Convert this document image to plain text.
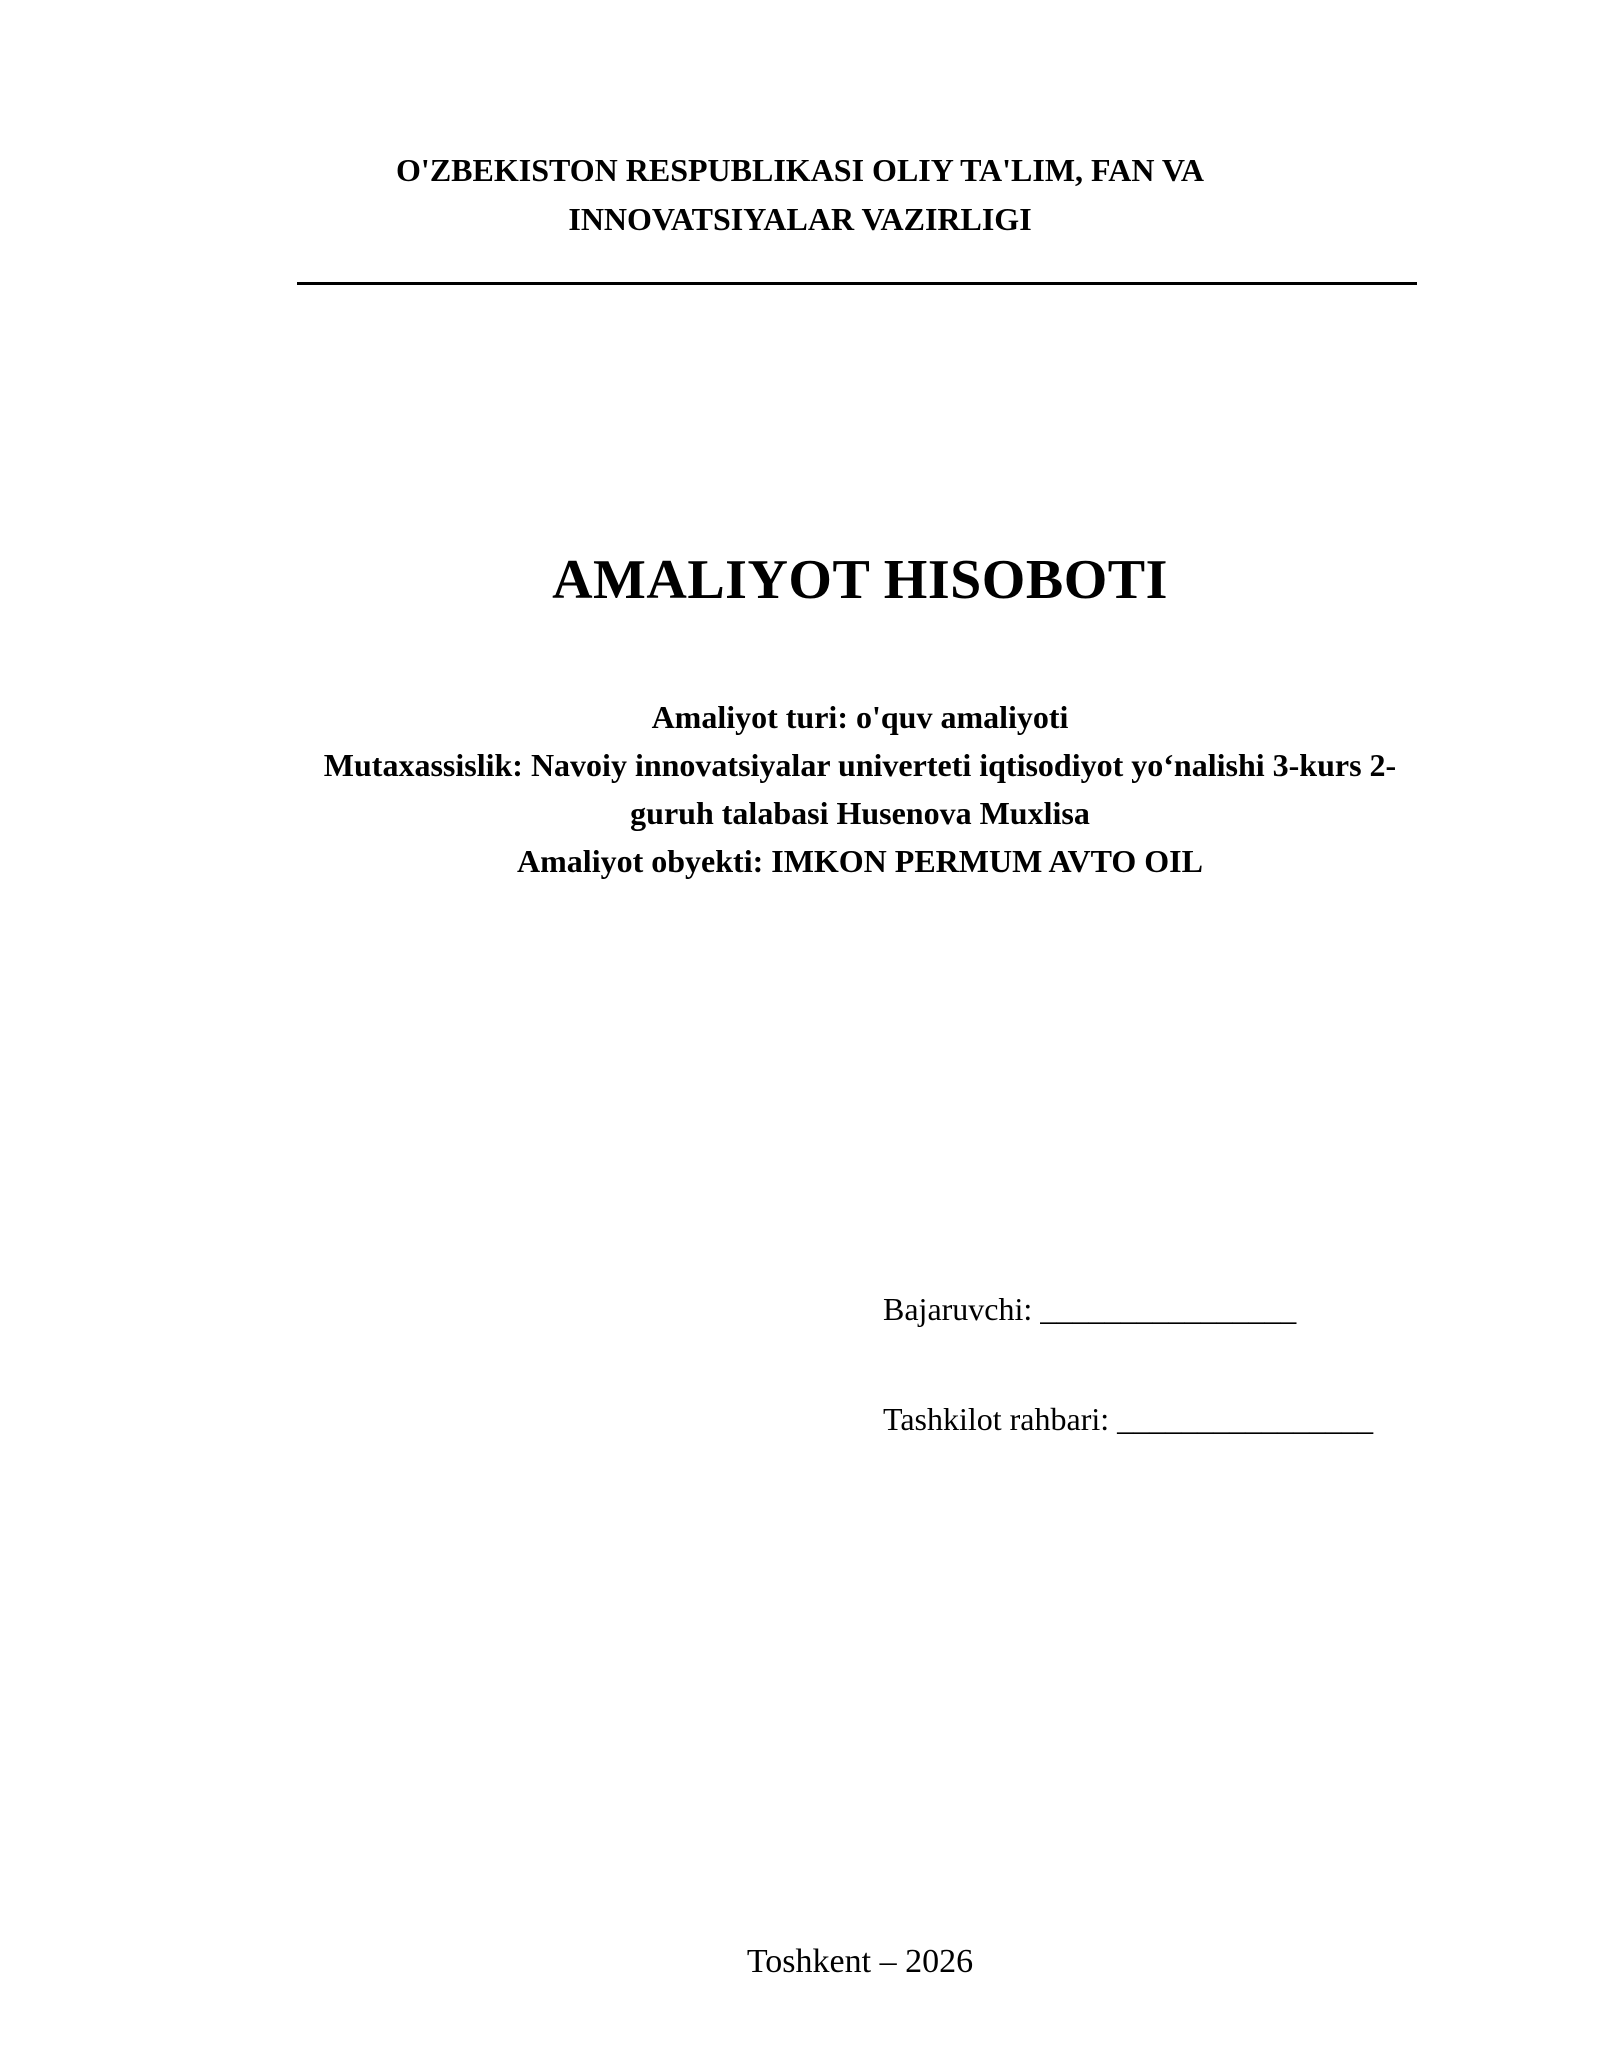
O'ZBEKISTON RESPUBLIKASI OLIY TA'LIM, FAN VA
INNOVATSIYALAR VAZIRLIGI
AMALIYOT HISOBOTI
Amaliyot turi: o'quv amaliyoti
Mutaxassislik: Navoiy innovatsiyalar univerteti iqtisodiyot yo‘nalishi 3-kurs 2-
guruh talabasi Husenova Muxlisa
Amaliyot obyekti: IMKON PERMUM AVTO OIL
Bajaruvchi: ________________
Tashkilot rahbari: ________________
Toshkent – 2026
